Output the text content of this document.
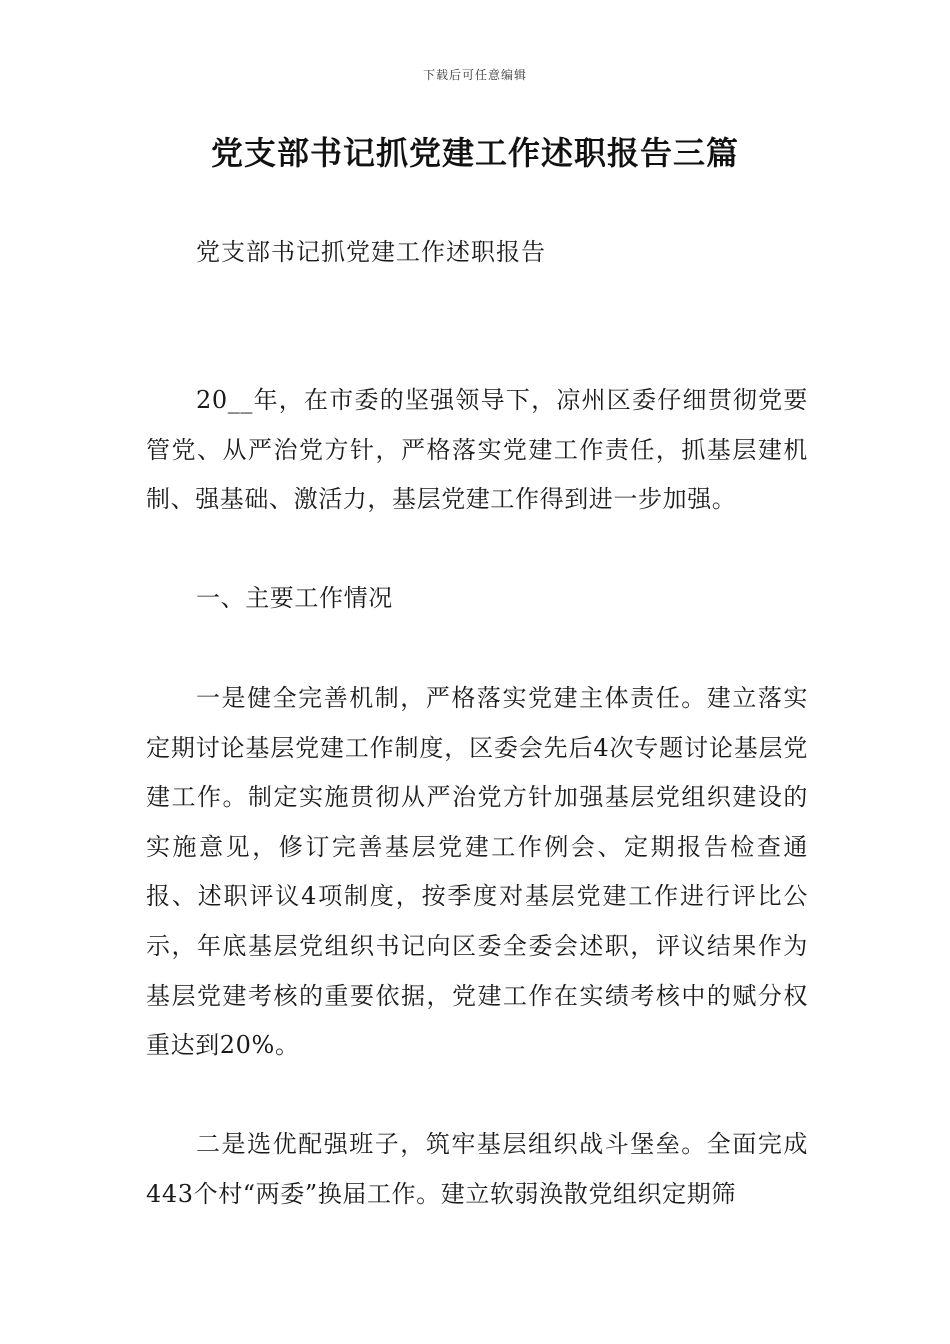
下载后可任意编辑
党支部书记抓党建工作述职报告三篇

党支部书记抓党建工作述职报告

20__年，在市委的坚强领导下，凉州区委仔细贯彻党要管党、从严治党方针，严格落实党建工作责任，抓基层建机制、强基础、激活力，基层党建工作得到进一步加强。

一、主要工作情况

一是健全完善机制，严格落实党建主体责任。建立落实定期讨论基层党建工作制度，区委会先后4次专题讨论基层党建工作。制定实施贯彻从严治党方针加强基层党组织建设的实施意见，修订完善基层党建工作例会、定期报告检查通报、述职评议4项制度，按季度对基层党建工作进行评比公示，年底基层党组织书记向区委全委会述职，评议结果作为基层党建考核的重要依据，党建工作在实绩考核中的赋分权重达到20%。

二是选优配强班子，筑牢基层组织战斗堡垒。全面完成443个村“两委”换届工作。建立软弱涣散党组织定期筛
